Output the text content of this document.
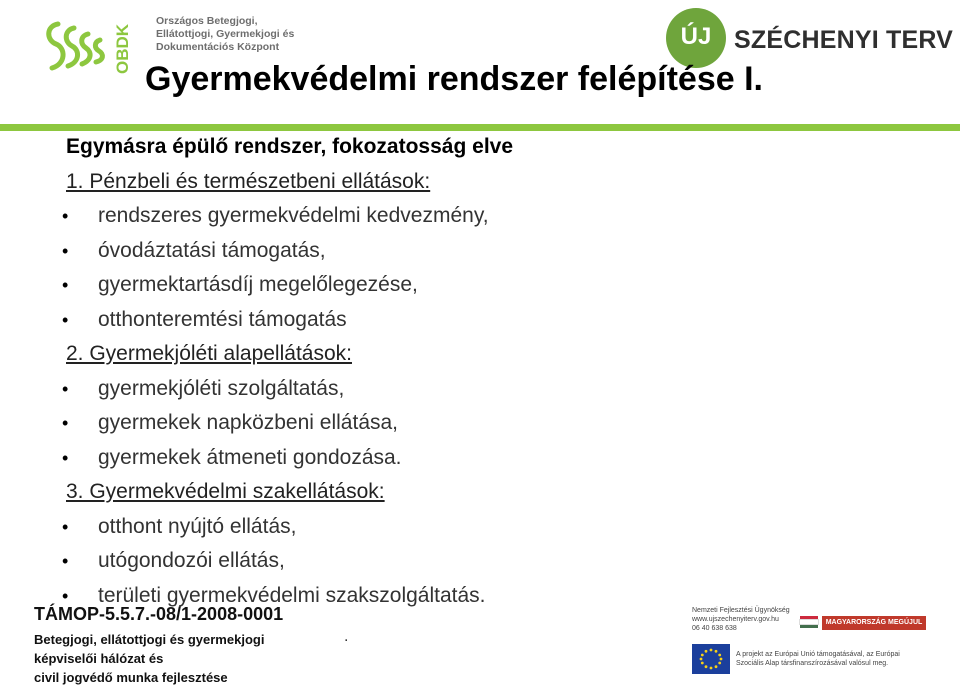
OBDK
Országos Betegjogi,
Ellátottjogi, Gyermekjogi és
Dokumentációs Központ	ÚJ SZÉCHENYI TERV
Gyermekvédelmi rendszer felépítése I.
Egymásra épülő rendszer, fokozatosság elve
1. Pénzbeli és természetbeni ellátások:
• rendszeres gyermekvédelmi kedvezmény,
• óvodáztatási támogatás,
• gyermektartásdíj megelőlegezése,
• otthonteremtési támogatás
2. Gyermekjóléti alapellátások:
• gyermekjóléti szolgáltatás,
• gyermekek napközbeni ellátása,
• gyermekek átmeneti gondozása.
3. Gyermekvédelmi szakellátások:
• otthont nyújtó ellátás,
• utógondozói ellátás,
• területi gyermekvédelmi szakszolgáltatás.
TÁMOP-5.5.7.-08/1-2008-0001
Betegjogi, ellátottjogi és gyermekjogi
képviselői hálózat és
civil jogvédő munka fejlesztése
.
Nemzeti Fejlesztési Ügynökség
www.ujszechenyiterv.gov.hu
06 40 638 638
MAGYARORSZÁG MEGÚJUL
A projekt az Európai Unió támogatásával, az Európai
Szociális Alap társfinanszírozásával valósul meg.
